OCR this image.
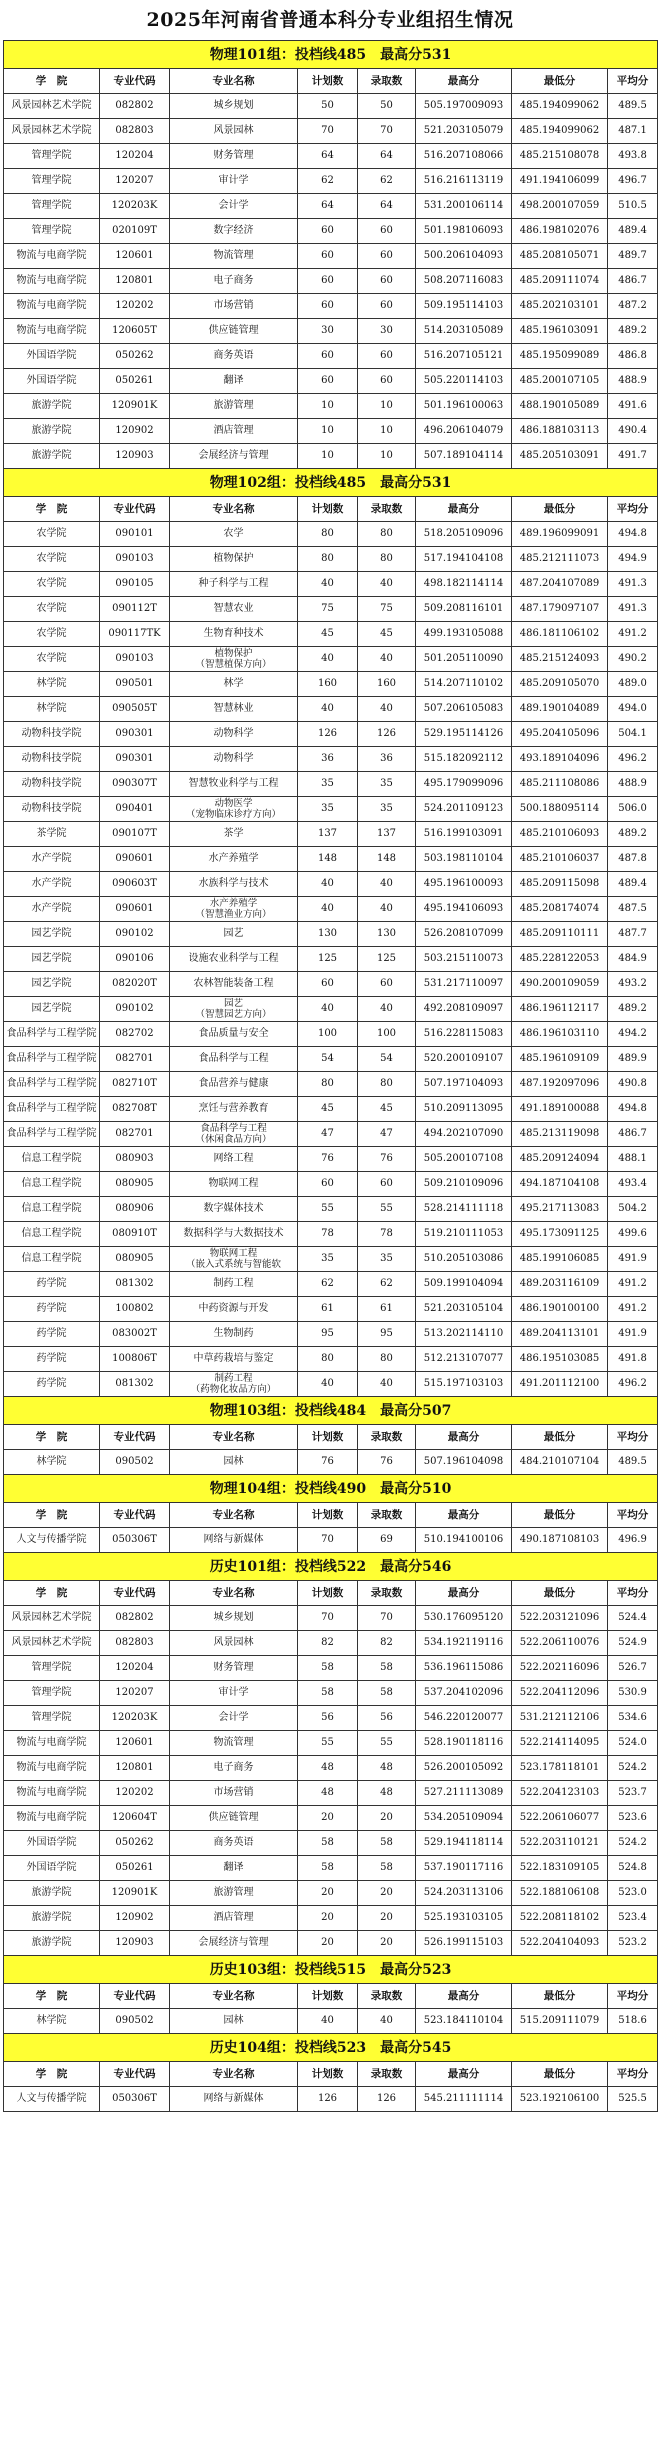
2025年河南省普通本科分专业组招生情况
物理101组：投档线485　最高分531							
学　院	专业代码	专业名称	计划数	录取数	最高分	最低分	平均分
风景园林艺术学院	082802	城乡规划	50	50	505.197009093	485.194099062	489.5
风景园林艺术学院	082803	风景园林	70	70	521.203105079	485.194099062	487.1
管理学院	120204	财务管理	64	64	516.207108066	485.215108078	493.8
管理学院	120207	审计学	62	62	516.216113119	491.194106099	496.7
管理学院	120203K	会计学	64	64	531.200106114	498.200107059	510.5
管理学院	020109T	数字经济	60	60	501.198106093	486.198102076	489.4
物流与电商学院	120601	物流管理	60	60	500.206104093	485.208105071	489.7
物流与电商学院	120801	电子商务	60	60	508.207116083	485.209111074	486.7
物流与电商学院	120202	市场营销	60	60	509.195114103	485.202103101	487.2
物流与电商学院	120605T	供应链管理	30	30	514.203105089	485.196103091	489.2
外国语学院	050262	商务英语	60	60	516.207105121	485.195099089	486.8
外国语学院	050261	翻译	60	60	505.220114103	485.200107105	488.9
旅游学院	120901K	旅游管理	10	10	501.196100063	488.190105089	491.6
旅游学院	120902	酒店管理	10	10	496.206104079	486.188103113	490.4
旅游学院	120903	会展经济与管理	10	10	507.189104114	485.205103091	491.7
物理102组：投档线485　最高分531							
学　院	专业代码	专业名称	计划数	录取数	最高分	最低分	平均分
农学院	090101	农学	80	80	518.205109096	489.196099091	494.8
农学院	090103	植物保护	80	80	517.194104108	485.212111073	494.9
农学院	090105	种子科学与工程	40	40	498.182114114	487.204107089	491.3
农学院	090112T	智慧农业	75	75	509.208116101	487.179097107	491.3
农学院	090117TK	生物育种技术	45	45	499.193105088	486.181106102	491.2
农学院	090103	植物保护
（智慧植保方向）	40	40	501.205110090	485.215124093	490.2
林学院	090501	林学	160	160	514.207110102	485.209105070	489.0
林学院	090505T	智慧林业	40	40	507.206105083	489.190104089	494.0
动物科技学院	090301	动物科学	126	126	529.195114126	495.204105096	504.1
动物科技学院	090301	动物科学	36	36	515.182092112	493.189104096	496.2
动物科技学院	090307T	智慧牧业科学与工程	35	35	495.179099096	485.211108086	488.9
动物科技学院	090401	动物医学
（宠物临床诊疗方向）	35	35	524.201109123	500.188095114	506.0
茶学院	090107T	茶学	137	137	516.199103091	485.210106093	489.2
水产学院	090601	水产养殖学	148	148	503.198110104	485.210106037	487.8
水产学院	090603T	水族科学与技术	40	40	495.196100093	485.209115098	489.4
水产学院	090601	水产养殖学
（智慧渔业方向）	40	40	495.194106093	485.208174074	487.5
园艺学院	090102	园艺	130	130	526.208107099	485.209110111	487.7
园艺学院	090106	设施农业科学与工程	125	125	503.215110073	485.228122053	484.9
园艺学院	082020T	农林智能装备工程	60	60	531.217110097	490.200109059	493.2
园艺学院	090102	园艺
（智慧园艺方向）	40	40	492.208109097	486.196112117	489.2
食品科学与工程学院	082702	食品质量与安全	100	100	516.228115083	486.196103110	494.2
食品科学与工程学院	082701	食品科学与工程	54	54	520.200109107	485.196109109	489.9
食品科学与工程学院	082710T	食品营养与健康	80	80	507.197104093	487.192097096	490.8
食品科学与工程学院	082708T	烹饪与营养教育	45	45	510.209113095	491.189100088	494.8
食品科学与工程学院	082701	食品科学与工程
（休闲食品方向）	47	47	494.202107090	485.213119098	486.7
信息工程学院	080903	网络工程	76	76	505.200107108	485.209124094	488.1
信息工程学院	080905	物联网工程	60	60	509.210109096	494.187104108	493.4
信息工程学院	080906	数字媒体技术	55	55	528.214111118	495.217113083	504.2
信息工程学院	080910T	数据科学与大数据技术	78	78	519.210111053	495.173091125	499.6
信息工程学院	080905	物联网工程
（嵌入式系统与智能软	35	35	510.205103086	485.199106085	491.9
药学院	081302	制药工程	62	62	509.199104094	489.203116109	491.2
药学院	100802	中药资源与开发	61	61	521.203105104	486.190100100	491.2
药学院	083002T	生物制药	95	95	513.202114110	489.204113101	491.9
药学院	100806T	中草药栽培与鉴定	80	80	512.213107077	486.195103085	491.8
药学院	081302	制药工程
（药物化妆品方向）	40	40	515.197103103	491.201112100	496.2
物理103组：投档线484　最高分507							
学　院	专业代码	专业名称	计划数	录取数	最高分	最低分	平均分
林学院	090502	园林	76	76	507.196104098	484.210107104	489.5
物理104组：投档线490　最高分510							
学　院	专业代码	专业名称	计划数	录取数	最高分	最低分	平均分
人文与传播学院	050306T	网络与新媒体	70	69	510.194100106	490.187108103	496.9
历史101组：投档线522　最高分546							
学　院	专业代码	专业名称	计划数	录取数	最高分	最低分	平均分
风景园林艺术学院	082802	城乡规划	70	70	530.176095120	522.203121096	524.4
风景园林艺术学院	082803	风景园林	82	82	534.192119116	522.206110076	524.9
管理学院	120204	财务管理	58	58	536.196115086	522.202116096	526.7
管理学院	120207	审计学	58	58	537.204102096	522.204112096	530.9
管理学院	120203K	会计学	56	56	546.220120077	531.212112106	534.6
物流与电商学院	120601	物流管理	55	55	528.190118116	522.214114095	524.0
物流与电商学院	120801	电子商务	48	48	526.200105092	523.178118101	524.2
物流与电商学院	120202	市场营销	48	48	527.211113089	522.204123103	523.7
物流与电商学院	120604T	供应链管理	20	20	534.205109094	522.206106077	523.6
外国语学院	050262	商务英语	58	58	529.194118114	522.203110121	524.2
外国语学院	050261	翻译	58	58	537.190117116	522.183109105	524.8
旅游学院	120901K	旅游管理	20	20	524.203113106	522.188106108	523.0
旅游学院	120902	酒店管理	20	20	525.193103105	522.208118102	523.4
旅游学院	120903	会展经济与管理	20	20	526.199115103	522.204104093	523.2
历史103组：投档线515　最高分523							
学　院	专业代码	专业名称	计划数	录取数	最高分	最低分	平均分
林学院	090502	园林	40	40	523.184110104	515.209111079	518.6
历史104组：投档线523　最高分545							
学　院	专业代码	专业名称	计划数	录取数	最高分	最低分	平均分
人文与传播学院	050306T	网络与新媒体	126	126	545.211111114	523.192106100	525.5
